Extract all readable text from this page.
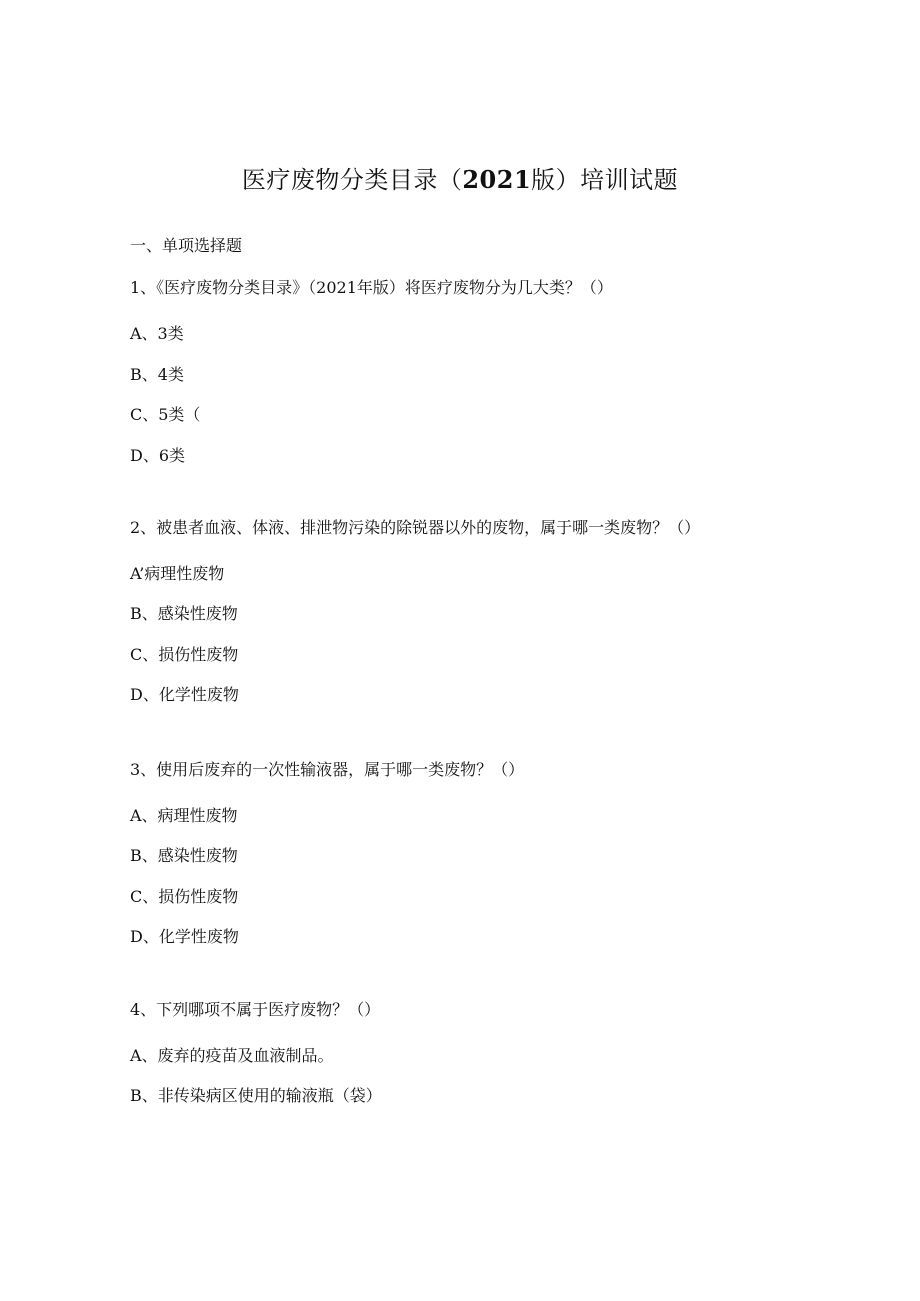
医疗废物分类目录（2021版）培训试题
一、单项选择题
1、《医疗废物分类目录》（2021年版）将医疗废物分为几大类？（）
A、3类
B、4类
C、5类（
D、6类
2、被患者血液、体液、排泄物污染的除锐器以外的废物，属于哪一类废物？（）
A’病理性废物
B、感染性废物
C、损伤性废物
D、化学性废物
3、使用后废弃的一次性输液器，属于哪一类废物？（）
A、病理性废物
B、感染性废物
C、损伤性废物
D、化学性废物
4、下列哪项不属于医疗废物？（）
A、废弃的疫苗及血液制品。
B、非传染病区使用的输液瓶（袋）
